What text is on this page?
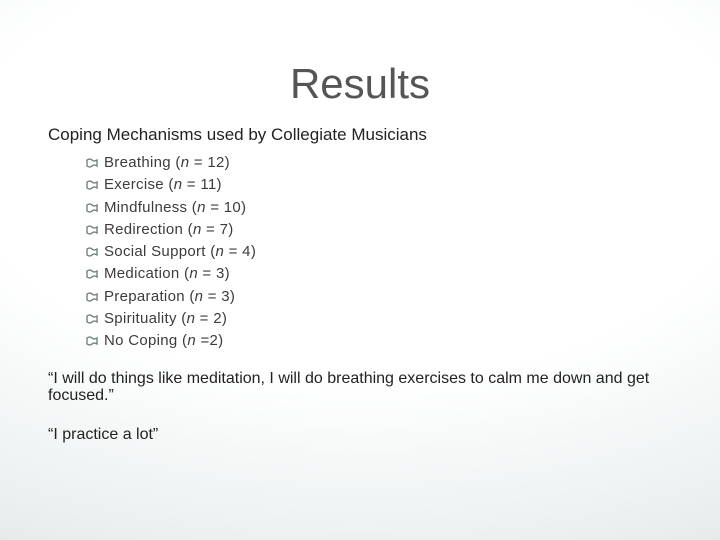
Results

Coping Mechanisms used by Collegiate Musicians

Breathing (n = 12)
Exercise (n = 11)
Mindfulness (n = 10)
Redirection (n = 7)
Social Support (n = 4)
Medication (n = 3)
Preparation (n = 3)
Spirituality (n = 2)
No Coping (n =2)

“I will do things like meditation, I will do breathing exercises to calm me down and get focused.”

“I practice a lot”
